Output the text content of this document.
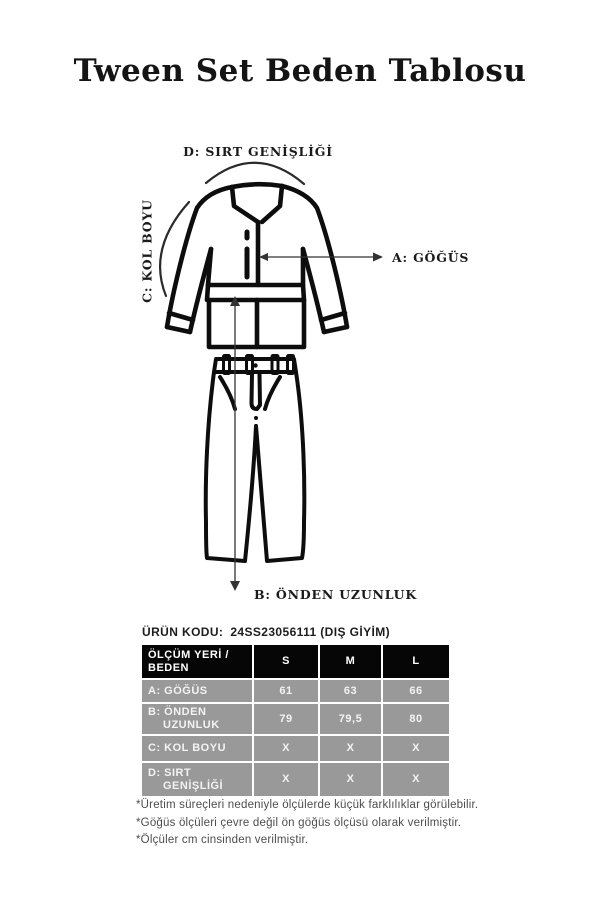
Tween Set Beden Tablosu
D: SIRT GENİŞLİĞİ
C: KOL BOYU	A: GÖĞÜS
B: ÖNDEN UZUNLUK
ÜRÜN KODU: 24SS23056111 (DIŞ GİYİM)
ÖLÇÜM YERİ / BEDEN	S	M	L
A: GÖĞÜS	61	63	66
B: ÖNDEN UZUNLUK	79	79,5	80
C: KOL BOYU	X	X	X
D: SIRT GENİŞLİĞİ	X	X	X
*Üretim süreçleri nedeniyle ölçülerde küçük farklılıklar görülebilir.
*Göğüs ölçüleri çevre değil ön göğüs ölçüsü olarak verilmiştir.
*Ölçüler cm cinsinden verilmiştir.
